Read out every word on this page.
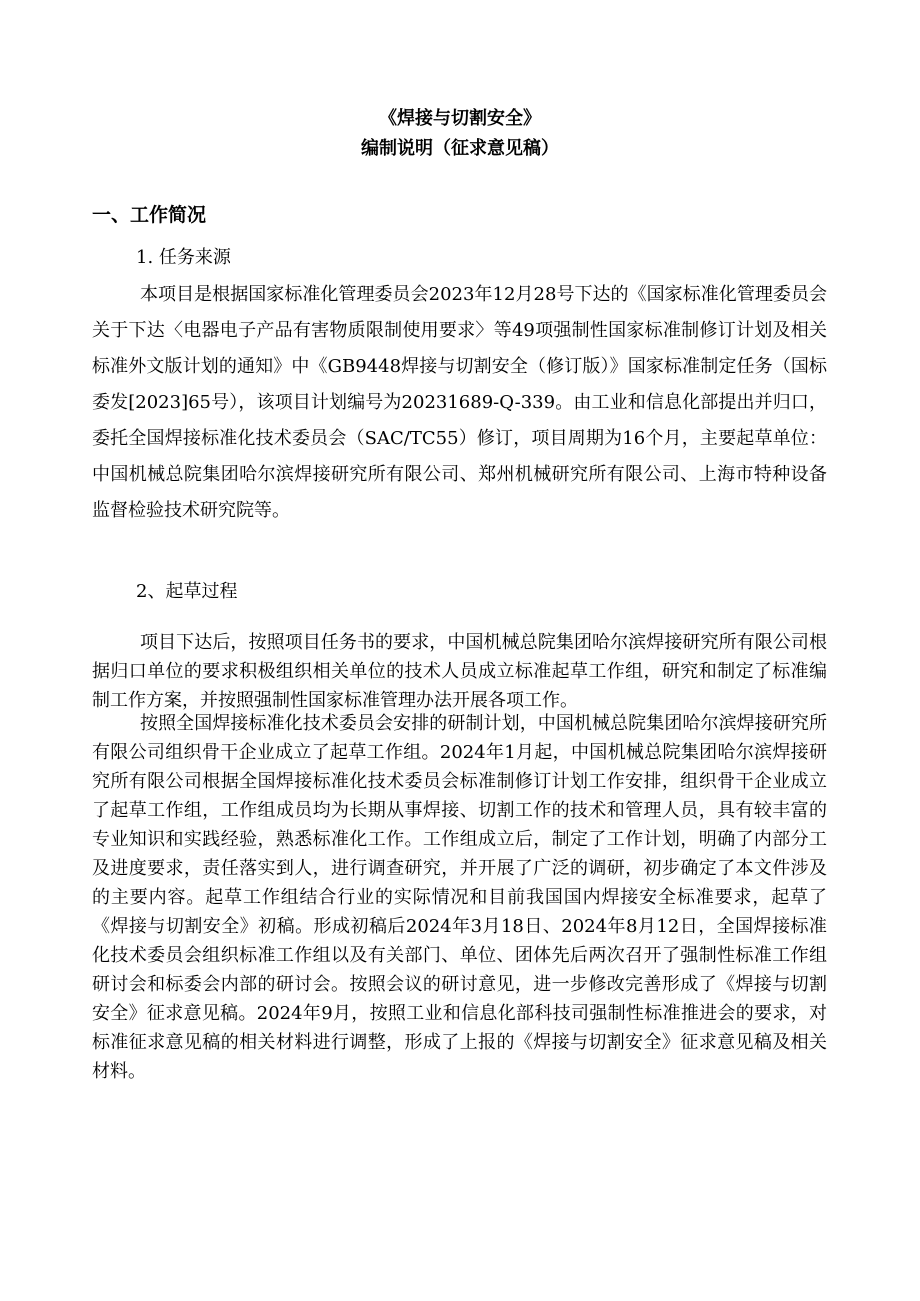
《焊接与切割安全》
编制说明（征求意见稿）
一、工作简况
1. 任务来源
本项目是根据国家标准化管理委员会2023年12月28号下达的《国家标准化管理委员会关于下达〈电器电子产品有害物质限制使用要求〉等49项强制性国家标准制修订计划及相关标准外文版计划的通知》中《GB9448焊接与切割安全（修订版）》国家标准制定任务（国标委发[2023]65号），该项目计划编号为20231689-Q-339。由工业和信息化部提出并归口，委托全国焊接标准化技术委员会（SAC/TC55）修订，项目周期为16个月，主要起草单位：中国机械总院集团哈尔滨焊接研究所有限公司、郑州机械研究所有限公司、上海市特种设备监督检验技术研究院等。
2、起草过程
项目下达后，按照项目任务书的要求，中国机械总院集团哈尔滨焊接研究所有限公司根据归口单位的要求积极组织相关单位的技术人员成立标准起草工作组，研究和制定了标准编制工作方案，并按照强制性国家标准管理办法开展各项工作。
按照全国焊接标准化技术委员会安排的研制计划，中国机械总院集团哈尔滨焊接研究所有限公司组织骨干企业成立了起草工作组。2024年1月起，中国机械总院集团哈尔滨焊接研究所有限公司根据全国焊接标准化技术委员会标准制修订计划工作安排，组织骨干企业成立了起草工作组，工作组成员均为长期从事焊接、切割工作的技术和管理人员，具有较丰富的专业知识和实践经验，熟悉标准化工作。工作组成立后，制定了工作计划，明确了内部分工及进度要求，责任落实到人，进行调查研究，并开展了广泛的调研，初步确定了本文件涉及的主要内容。起草工作组结合行业的实际情况和目前我国国内焊接安全标准要求，起草了《焊接与切割安全》初稿。形成初稿后2024年3月18日、2024年8月12日，全国焊接标准化技术委员会组织标准工作组以及有关部门、单位、团体先后两次召开了强制性标准工作组研讨会和标委会内部的研讨会。按照会议的研讨意见，进一步修改完善形成了《焊接与切割安全》征求意见稿。2024年9月，按照工业和信息化部科技司强制性标准推进会的要求，对标准征求意见稿的相关材料进行调整，形成了上报的《焊接与切割安全》征求意见稿及相关材料。
